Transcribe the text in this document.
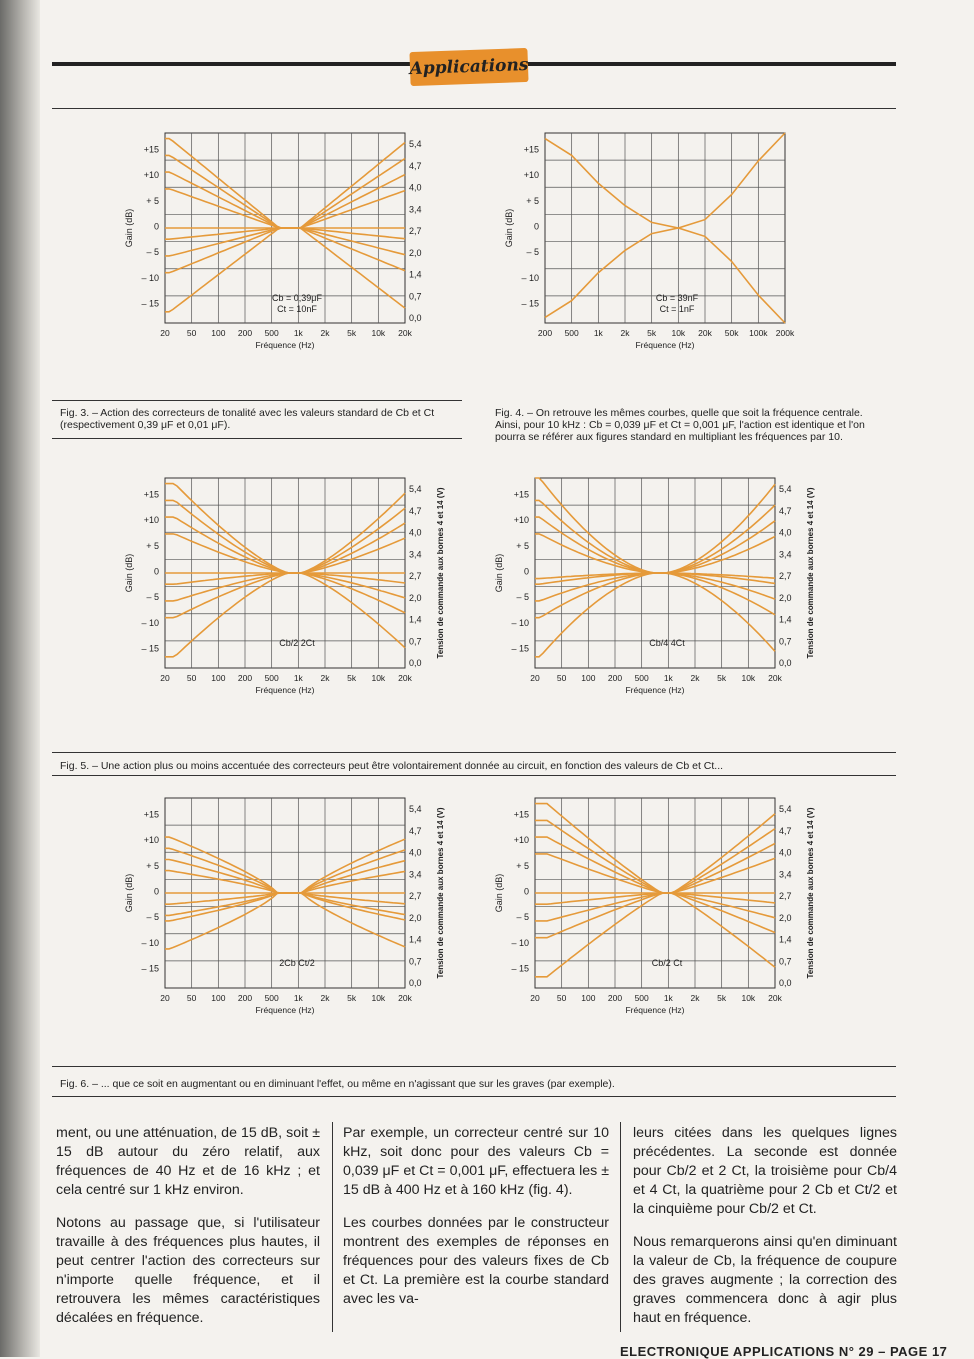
Applications
+15
+10
+ 5
0
– 5
– 10
– 15
Gain (dB)
20 50 100 200 500 1k 2k 5k 10k 20k
Fréquence (Hz)
5,4
4,7
4,0
3,4
2,7
2,0
1,4
0,7
0,0
Cb = 0,39μF
Ct = 10nF
+15
+10
+ 5
0
– 5
– 10
– 15
Gain (dB)
200 500 1k 2k 5k 10k 20k 50k 100k 200k
Fréquence (Hz)
Cb = 39nF
Ct = 1nF
Fig. 3. – Action des correcteurs de tonalité avec les valeurs standard de Cb et Ct (respectivement 0,39 μF et 0,01 μF).
Fig. 4. – On retrouve les mêmes courbes, quelle que soit la fréquence centrale. Ainsi, pour 10 kHz : Cb = 0,039 μF et Ct = 0,001 μF, l'action est identique et l'on pourra se référer aux figures standard en multipliant les fréquences par 10.
+15
+10
+ 5
0
– 5
– 10
– 15
Gain (dB)
20 50 100 200 500 1k 2k 5k 10k 20k
Fréquence (Hz)
5,4
4,7
4,0
3,4
2,7
2,0
1,4
0,7
0,0
Tension de commande aux bornes 4 et 14 (V)
Cb/2 2Ct
+15
+10
+ 5
0
– 5
– 10
– 15
Gain (dB)
20 50 100 200 500 1k 2k 5k 10k 20k
Fréquence (Hz)
5,4
4,7
4,0
3,4
2,7
2,0
1,4
0,7
0,0
Tension de commande aux bornes 4 et 14 (V)
Cb/4 4Ct
Fig. 5. – Une action plus ou moins accentuée des correcteurs peut être volontairement donnée au circuit, en fonction des valeurs de Cb et Ct...
+15
+10
+ 5
0
– 5
– 10
– 15
Gain (dB)
20 50 100 200 500 1k 2k 5k 10k 20k
Fréquence (Hz)
5,4
4,7
4,0
3,4
2,7
2,0
1,4
0,7
0,0
Tension de commande aux bornes 4 et 14 (V)
2Cb Ct/2
+15
+10
+ 5
0
– 5
– 10
– 15
Gain (dB)
20 50 100 200 500 1k 2k 5k 10k 20k
Fréquence (Hz)
5,4
4,7
4,0
3,4
2,7
2,0
1,4
0,7
0,0
Tension de commande aux bornes 4 et 14 (V)
Cb/2 Ct
Fig. 6. – ... que ce soit en augmentant ou en diminuant l'effet, ou même en n'agissant que sur les graves (par exemple).

ment, ou une atténuation, de 15 dB, soit ± 15 dB autour du zéro relatif, aux fréquences de 40 Hz et de 16 kHz ; et cela centré sur 1 kHz environ.

Notons au passage que, si l'utilisateur travaille à des fréquences plus hautes, il peut centrer l'action des correcteurs sur n'importe quelle fréquence, et il retrouvera les mêmes caractéristiques décalées en fréquence.

Par exemple, un correcteur centré sur 10 kHz, soit donc pour des valeurs Cb = 0,039 μF et Ct = 0,001 μF, effectuera les ± 15 dB à 400 Hz et à 160 kHz (fig. 4).

Les courbes données par le constructeur montrent des exemples de réponses en fréquences pour des valeurs fixes de Cb et Ct. La première est la courbe standard avec les va-

leurs citées dans les quelques lignes précédentes. La seconde est donnée pour Cb/2 et 2 Ct, la troisième pour Cb/4 et 4 Ct, la quatrième pour 2 Cb et Ct/2 et la cinquième pour Cb/2 et Ct.

Nous remarquerons ainsi qu'en diminuant la valeur de Cb, la fréquence de coupure des graves augmente ; la correction des graves commencera donc à agir plus haut en fréquence.

ELECTRONIQUE APPLICATIONS N° 29 – PAGE 17
